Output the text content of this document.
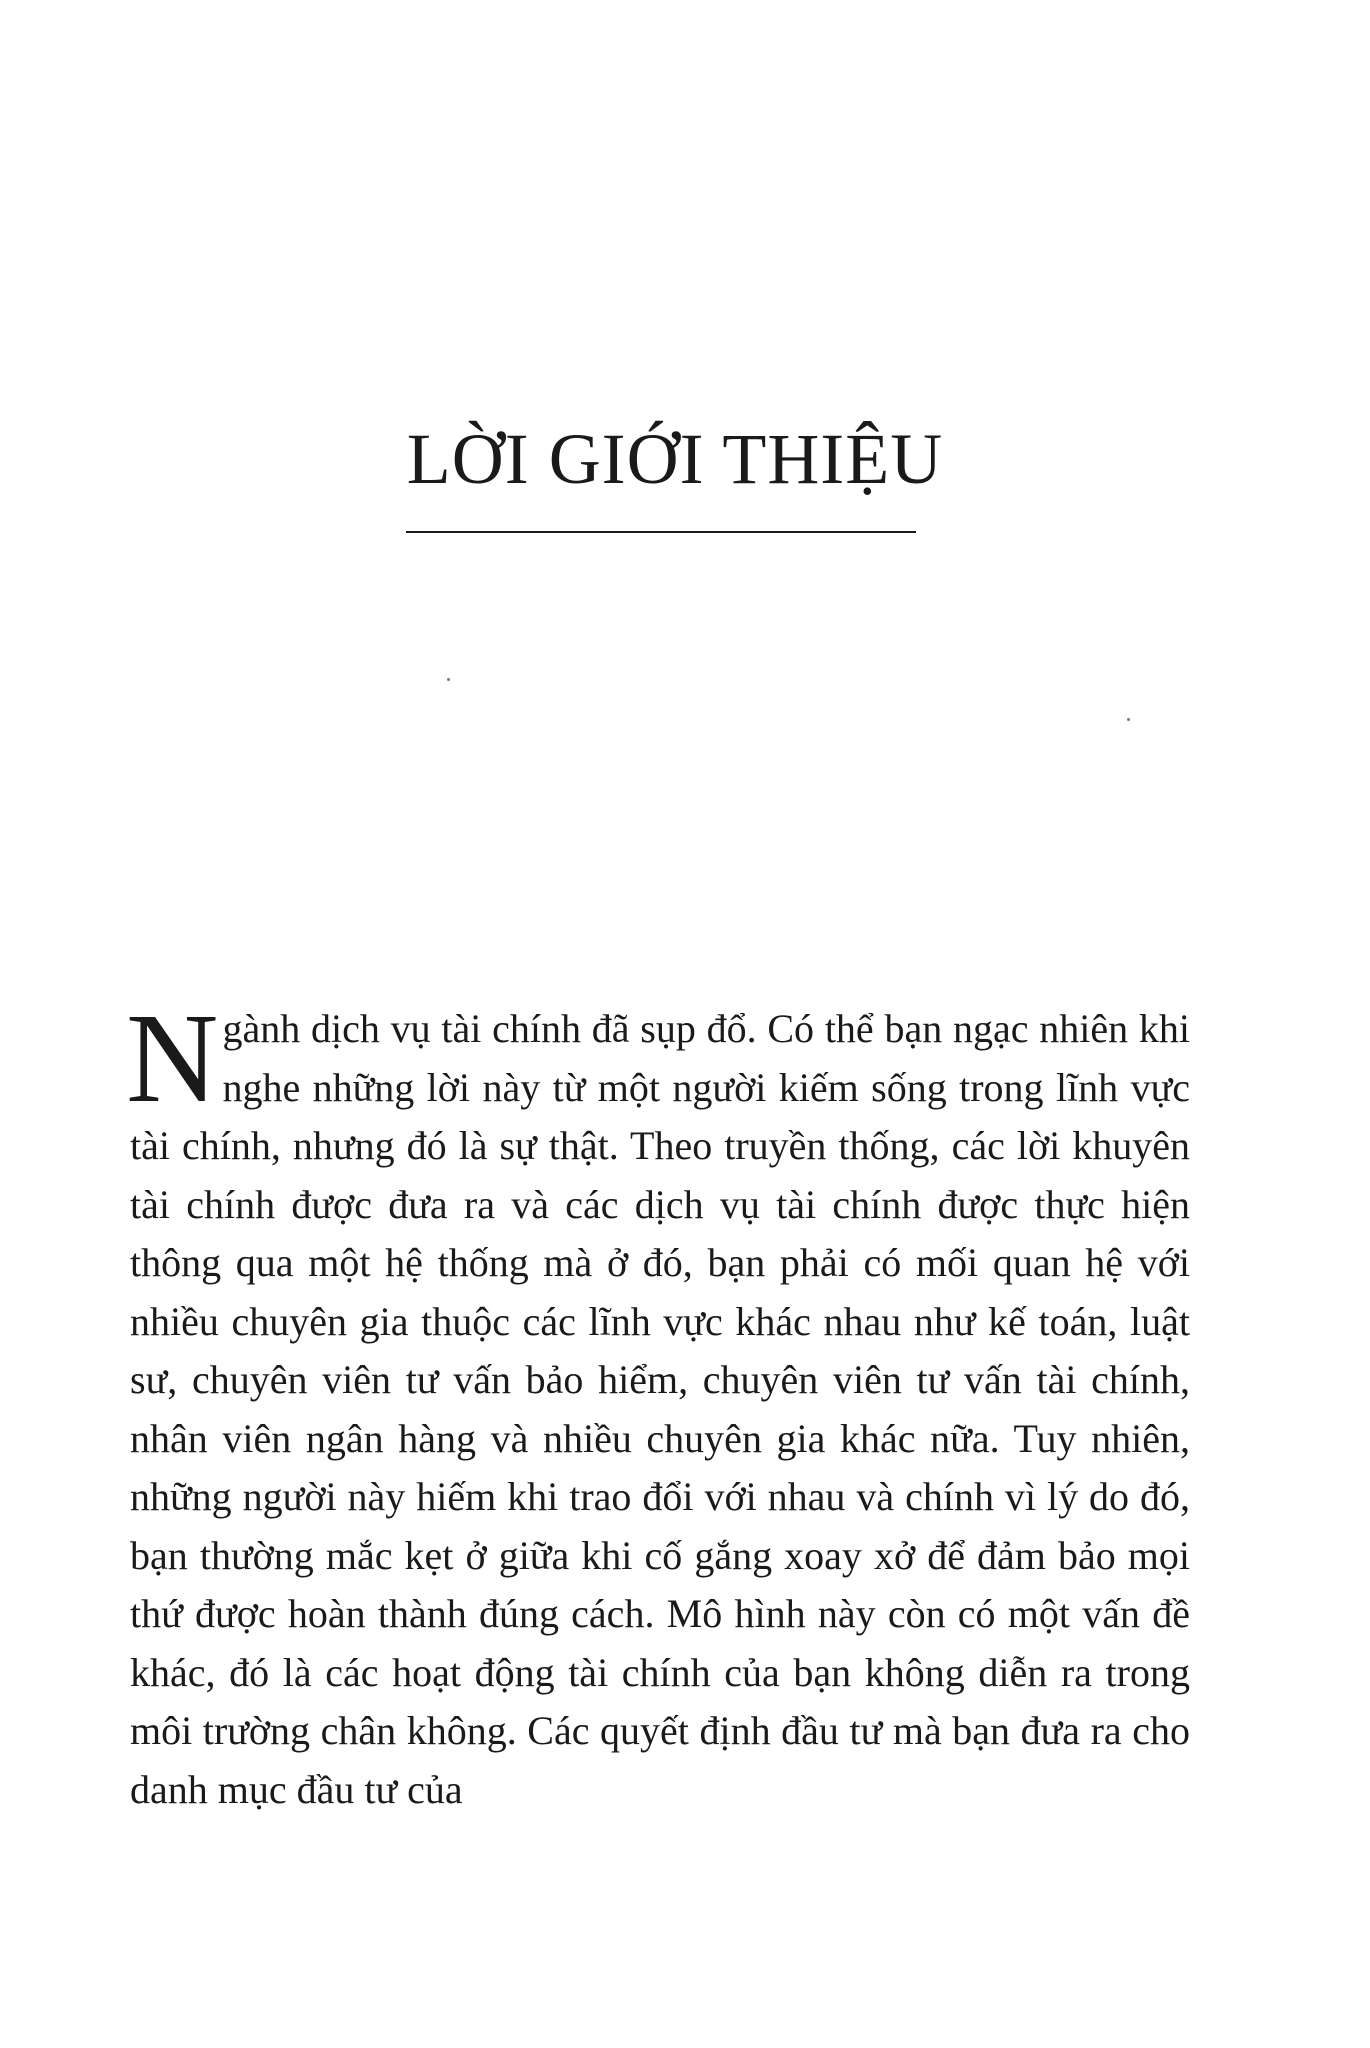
LỜI GIỚI THIỆU

Ngành dịch vụ tài chính đã sụp đổ. Có thể bạn ngạc nhiên khi nghe những lời này từ một người kiếm sống trong lĩnh vực tài chính, nhưng đó là sự thật. Theo truyền thống, các lời khuyên tài chính được đưa ra và các dịch vụ tài chính được thực hiện thông qua một hệ thống mà ở đó, bạn phải có mối quan hệ với nhiều chuyên gia thuộc các lĩnh vực khác nhau như kế toán, luật sư, chuyên viên tư vấn bảo hiểm, chuyên viên tư vấn tài chính, nhân viên ngân hàng và nhiều chuyên gia khác nữa. Tuy nhiên, những người này hiếm khi trao đổi với nhau và chính vì lý do đó, bạn thường mắc kẹt ở giữa khi cố gắng xoay xở để đảm bảo mọi thứ được hoàn thành đúng cách. Mô hình này còn có một vấn đề khác, đó là các hoạt động tài chính của bạn không diễn ra trong môi trường chân không. Các quyết định đầu tư mà bạn đưa ra cho danh mục đầu tư của
